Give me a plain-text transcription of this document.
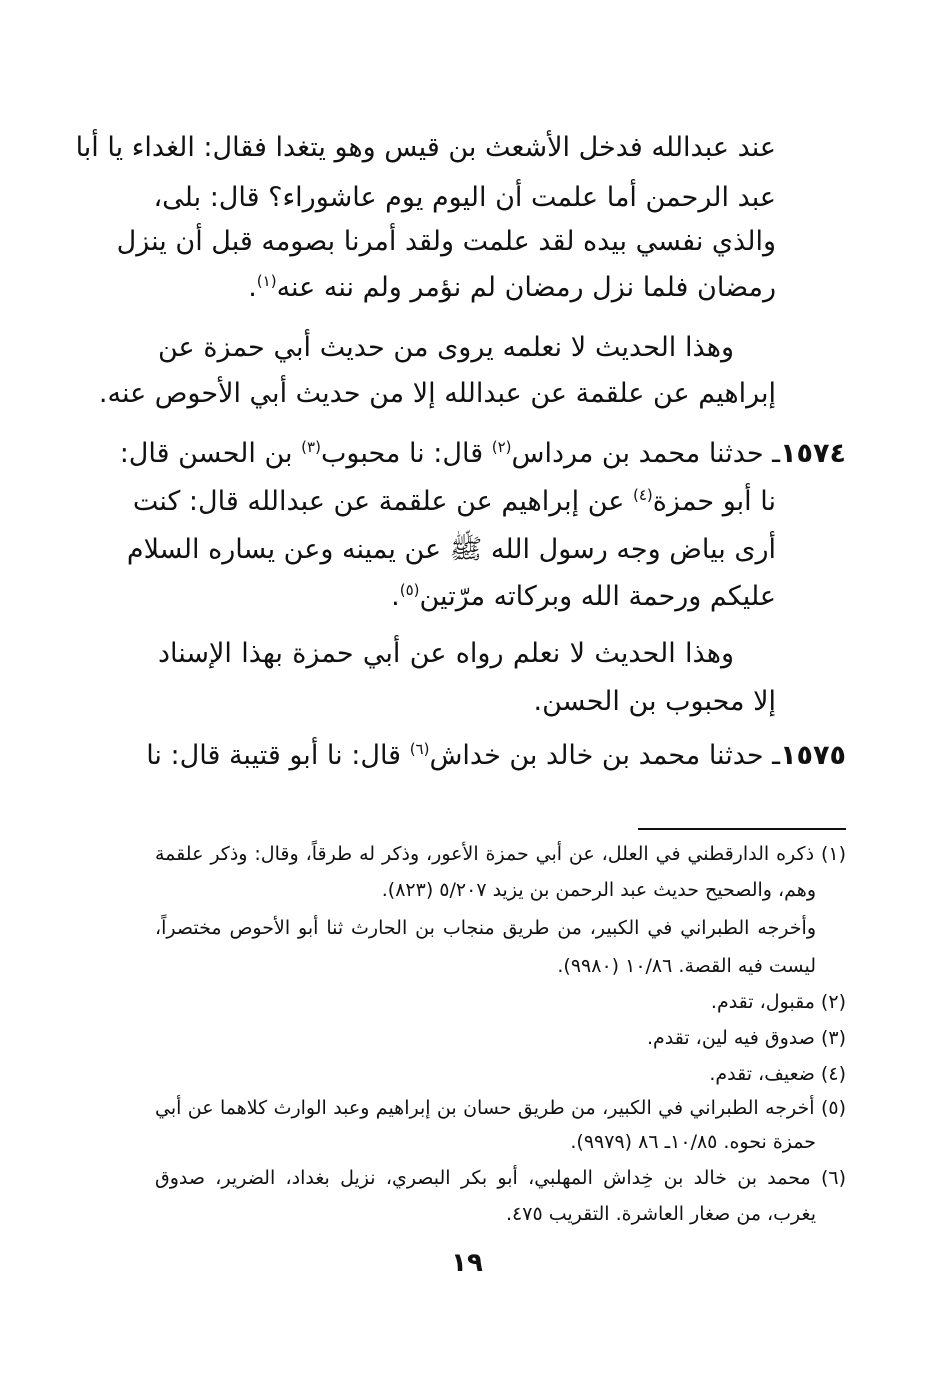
عند عبدالله فدخل الأشعث بن قيس وهو يتغدا فقال: الغداء يا أبا
عبد الرحمن أما علمت أن اليوم يوم عاشوراء؟ قال: بلى،
والذي نفسي بيده لقد علمت ولقد أمرنا بصومه قبل أن ينزل
رمضان فلما نزل رمضان لم نؤمر ولم ننه عنه$^{(١)}$.
وهذا الحديث لا نعلمه يروى من حديث أبي حمزة عن
إبراهيم عن علقمة عن عبدالله إلا من حديث أبي الأحوص عنه.
١٥٧٤ـ حدثنا محمد بن مرداس$^{(٢)}$ قال: نا محبوب$^{(٣)}$ بن الحسن قال:
نا أبو حمزة$^{(٤)}$ عن إبراهيم عن علقمة عن عبدالله قال: كنت
أرى بياض وجه رسول الله ﷺ عن يمينه وعن يساره السلام
عليكم ورحمة الله وبركاته مرّتين$^{(٥)}$.
وهذا الحديث لا نعلم رواه عن أبي حمزة بهذا الإسناد
إلا محبوب بن الحسن.
١٥٧٥ـ حدثنا محمد بن خالد بن خداش$^{(٦)}$ قال: نا أبو قتيبة قال: نا
(١) ذكره الدارقطني في العلل، عن أبي حمزة الأعور، وذكر له طرقاً، وقال: وذكر علقمة
وهم، والصحيح حديث عبد الرحمن بن يزيد ٥/٢٠٧ (٨٢٣).
وأخرجه الطبراني في الكبير، من طريق منجاب بن الحارث ثنا أبو الأحوص مختصراً،
ليست فيه القصة. ١٠/٨٦ (٩٩٨٠).
(٢) مقبول، تقدم.
(٣) صدوق فيه لين، تقدم.
(٤) ضعيف، تقدم.
(٥) أخرجه الطبراني في الكبير، من طريق حسان بن إبراهيم وعبد الوارث كلاهما عن أبي
حمزة نحوه. ١٠/٨٥ـ ٨٦ (٩٩٧٩).
(٦) محمد بن خالد بن خِداش المهلبي، أبو بكر البصري، نزيل بغداد، الضرير، صدوق
يغرب، من صغار العاشرة. التقريب ٤٧٥.
١٩
